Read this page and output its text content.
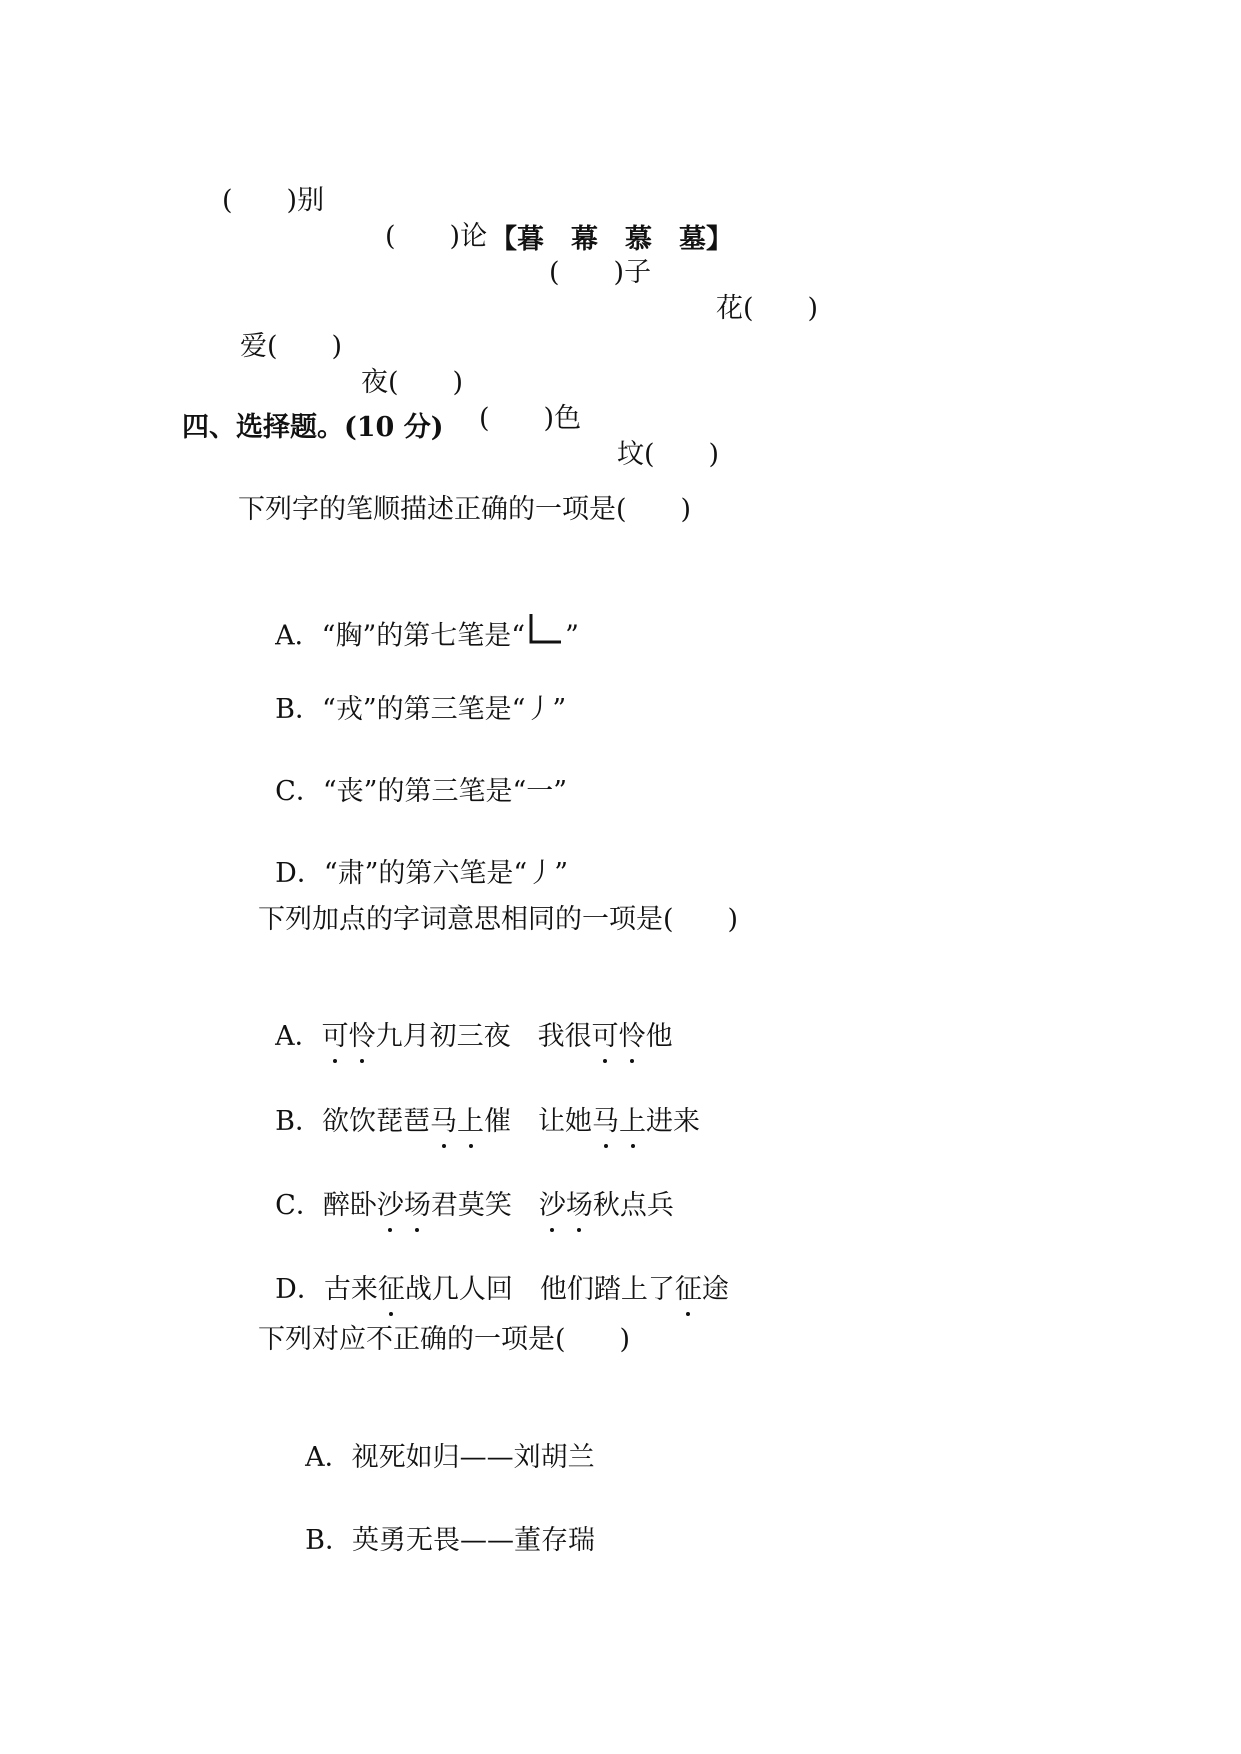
(　　)别

(　　)论

(　　)子

花(　　)

【暮　幕　慕　墓】

爱(　　)

夜(　　)

(　　)色

坟(　　)

四、选择题。(10 分)
下列字的笔顺描述正确的一项是(　　)

A．“胸”的第七笔是“ ”

B．“戎”的第三笔是“丿”

C．“丧”的第三笔是“一”

D．“肃”的第六笔是“丿”

下列加点的字词意思相同的一项是(　　)

A．可怜九月初三夜　我很可怜他

B．欲饮琵琶马上催　让她马上进来

C．醉卧沙场君莫笑　沙场秋点兵

D．古来征战几人回　他们踏上了征途

下列对应不正确的一项是(　　)

A．视死如归——刘胡兰

B．英勇无畏——董存瑞
